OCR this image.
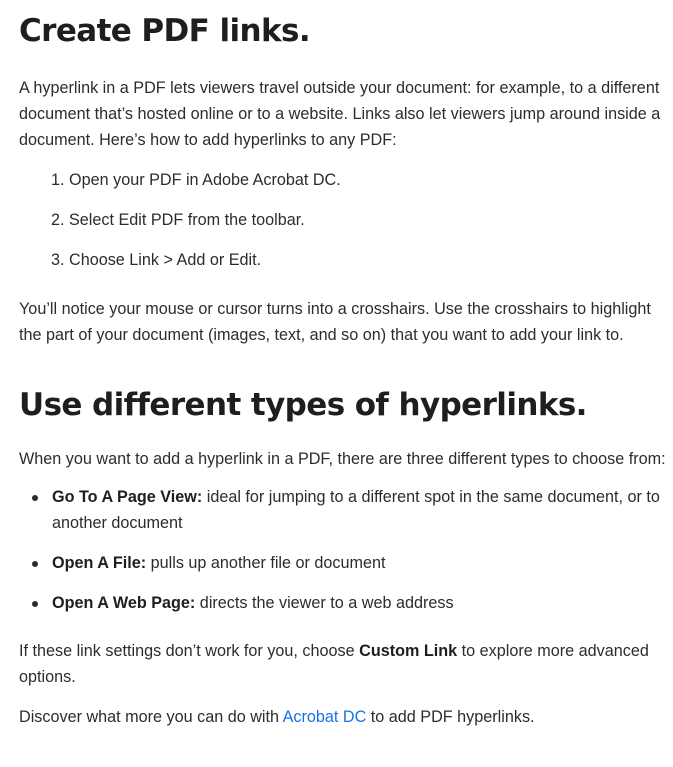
Create PDF links.

A hyperlink in a PDF lets viewers travel outside your document: for example, to a different document that’s hosted online or to a website. Links also let viewers jump around inside a document. Here’s how to add hyperlinks to any PDF:

1. Open your PDF in Adobe Acrobat DC.
2. Select Edit PDF from the toolbar.
3. Choose Link > Add or Edit.

You’ll notice your mouse or cursor turns into a crosshairs. Use the crosshairs to highlight the part of your document (images, text, and so on) that you want to add your link to.

Use different types of hyperlinks.

When you want to add a hyperlink in a PDF, there are three different types to choose from:

Go To A Page View: ideal for jumping to a different spot in the same document, or to another document
Open A File: pulls up another file or document
Open A Web Page: directs the viewer to a web address

If these link settings don’t work for you, choose Custom Link to explore more advanced options.

Discover what more you can do with Acrobat DC to add PDF hyperlinks.
